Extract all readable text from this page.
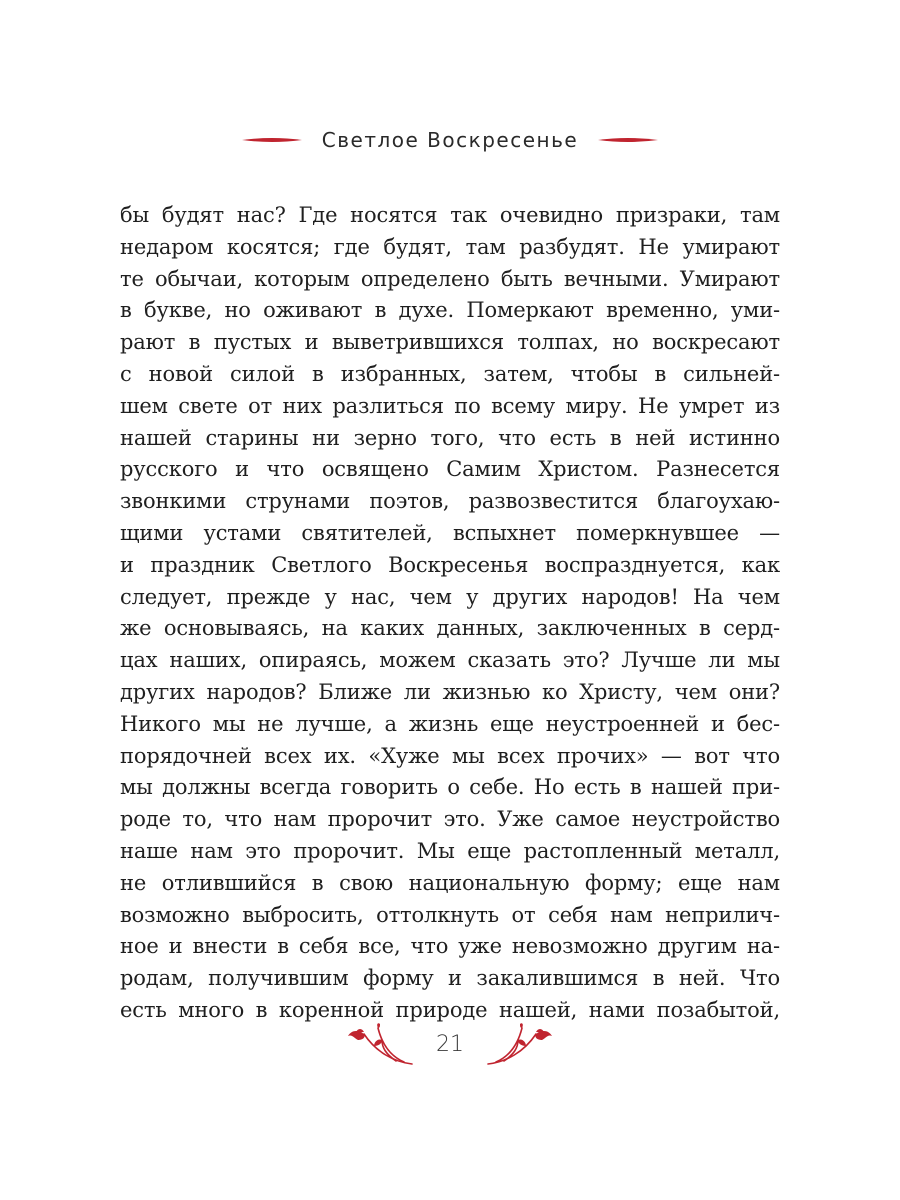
Светлое Воскресенье
бы будят нас? Где носятся так очевидно призраки, там
недаром косятся; где будят, там разбудят. Не умирают
те обычаи, которым определено быть вечными. Умирают
в букве, но оживают в духе. Померкают временно, уми-
рают в пустых и выветрившихся толпах, но воскресают
с новой силой в избранных, затем, чтобы в сильней-
шем свете от них разлиться по всему миру. Не умрет из
нашей старины ни зерно того, что есть в ней истинно
русского и что освящено Самим Христом. Разнесется
звонкими струнами поэтов, развозвестится благоухаю-
щими устами святителей, вспыхнет померкнувшее —
и праздник Светлого Воскресенья воспразднуется, как
следует, прежде у нас, чем у других народов! На чем
же основываясь, на каких данных, заключенных в серд-
цах наших, опираясь, можем сказать это? Лучше ли мы
других народов? Ближе ли жизнью ко Христу, чем они?
Никого мы не лучше, а жизнь еще неустроенней и бес-
порядочней всех их. «Хуже мы всех прочих» — вот что
мы должны всегда говорить о себе. Но есть в нашей при-
роде то, что нам пророчит это. Уже самое неустройство
наше нам это пророчит. Мы еще растопленный металл,
не отлившийся в свою национальную форму; еще нам
возможно выбросить, оттолкнуть от себя нам неприлич-
ное и внести в себя все, что уже невозможно другим на-
родам, получившим форму и закалившимся в ней. Что
есть много в коренной природе нашей, нами позабытой,
21
